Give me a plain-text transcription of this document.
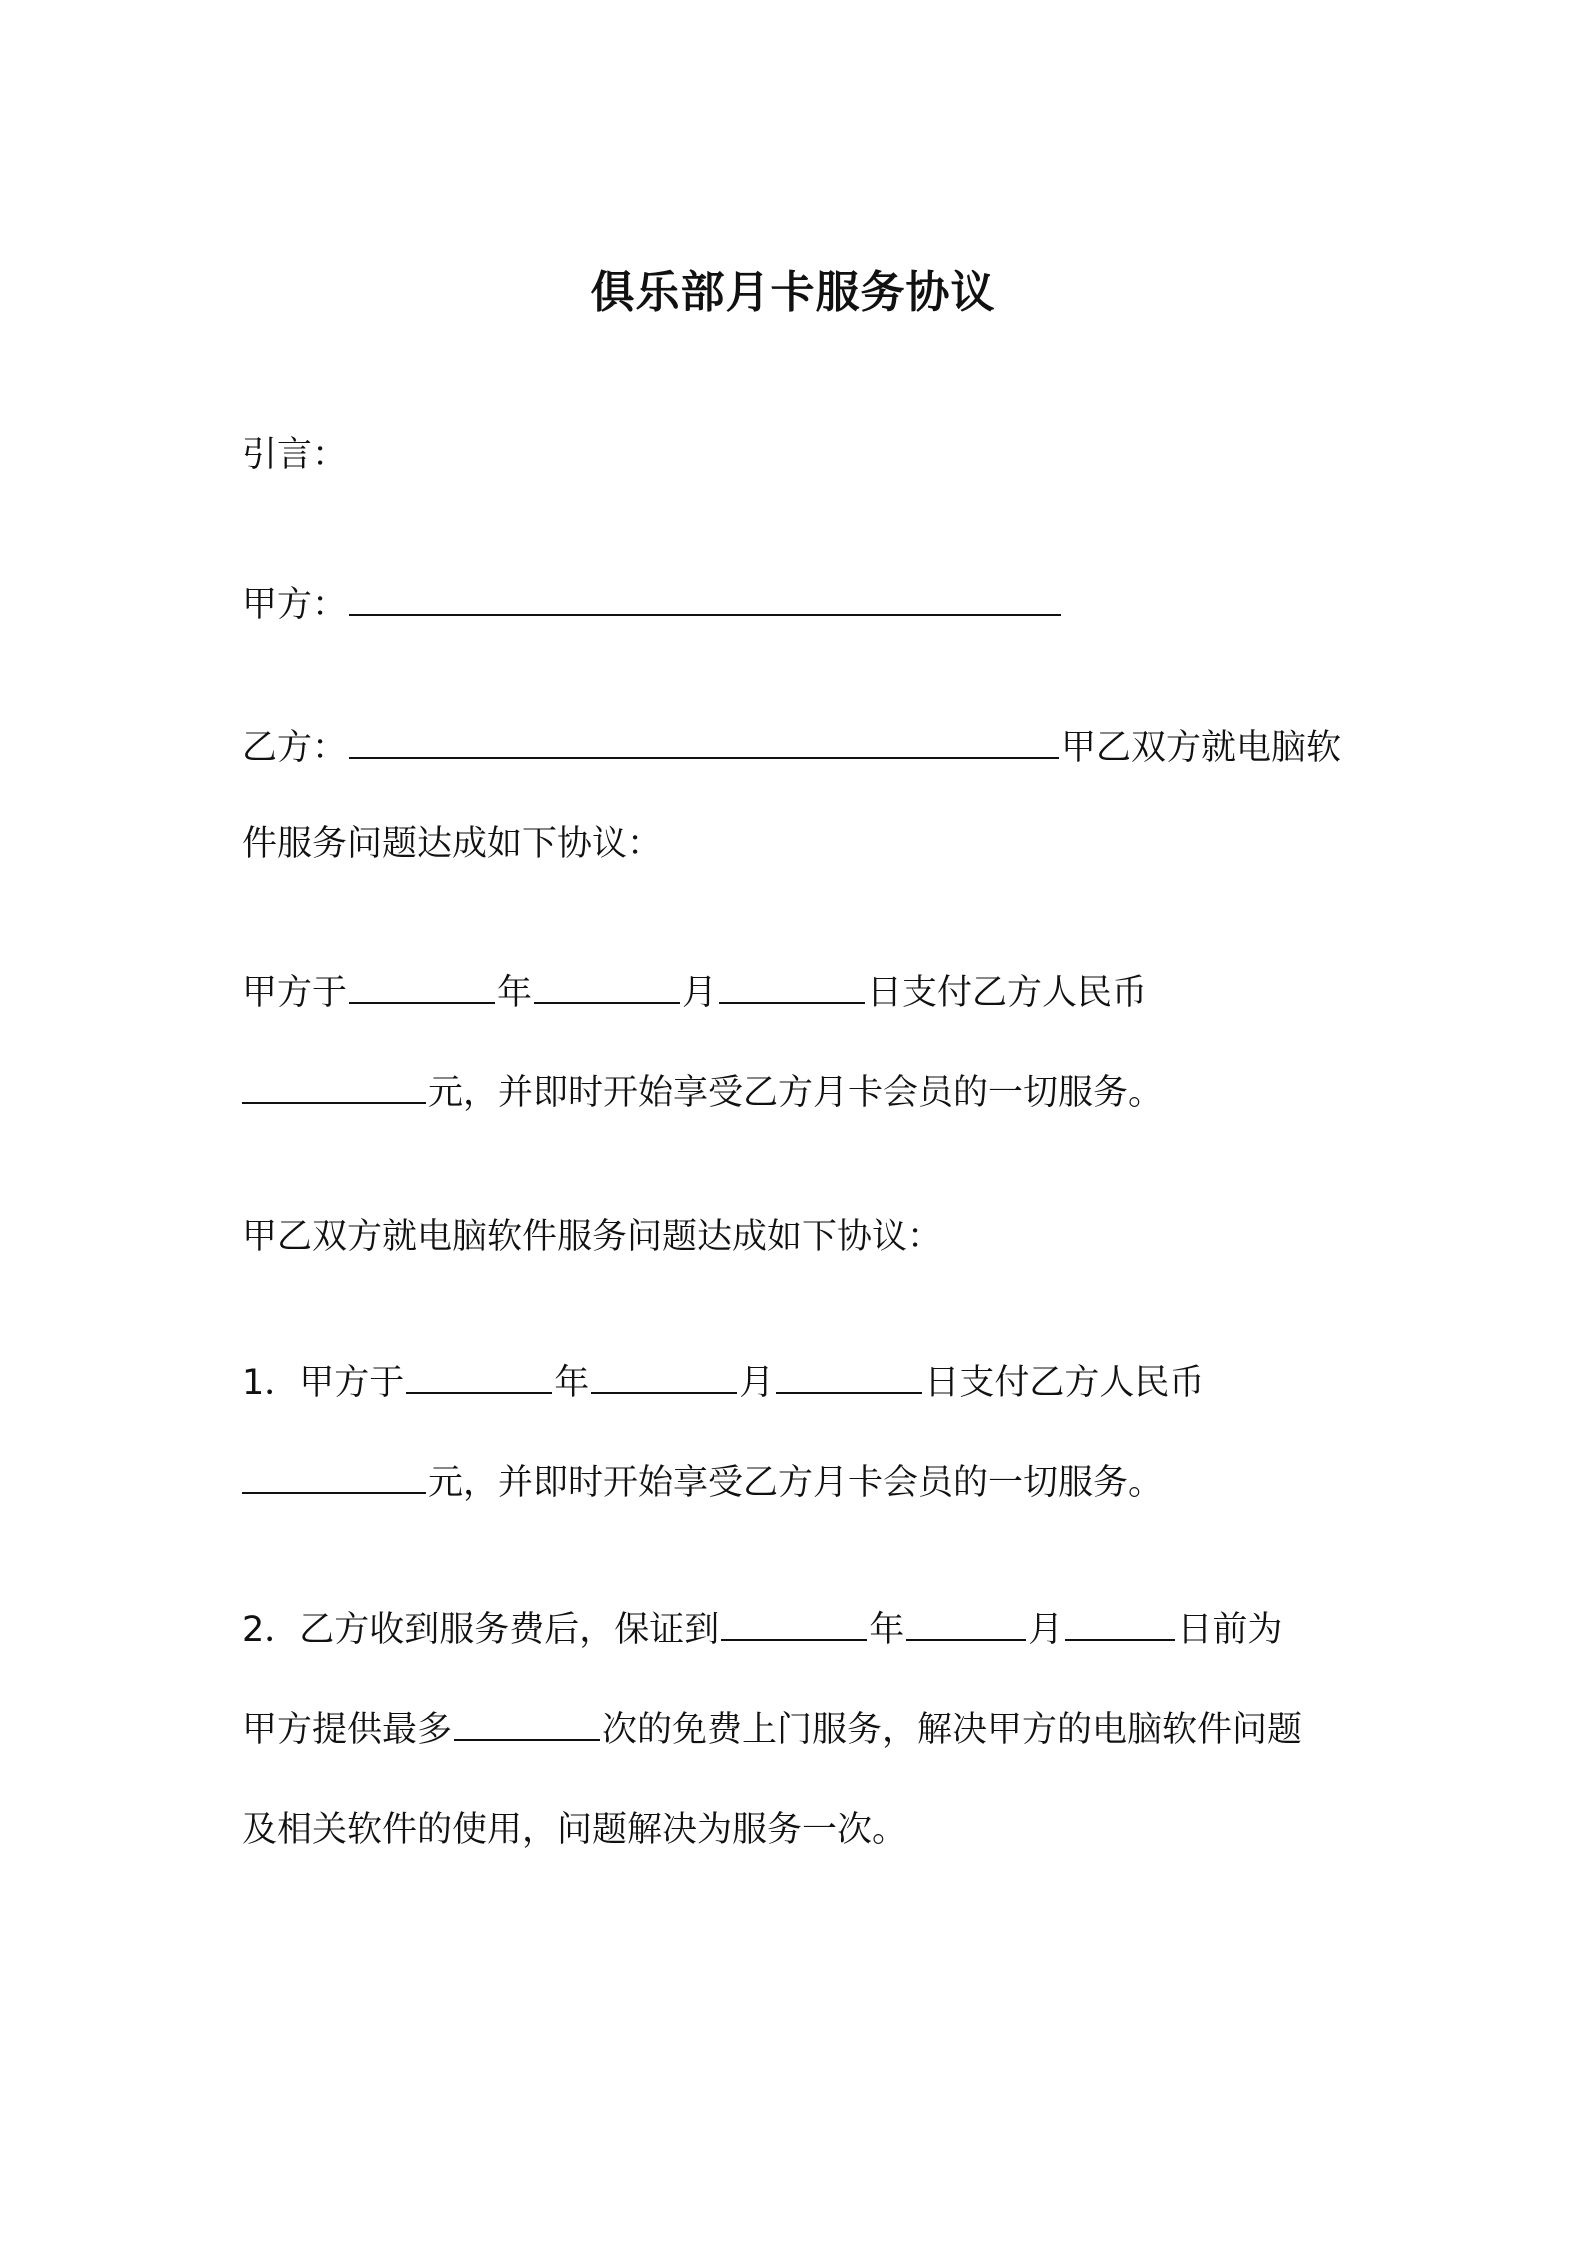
俱乐部月卡服务协议
引言：
甲方：
乙方：	甲乙双方就电脑软
件服务问题达成如下协议：
甲方于	年	月	日支付乙方人民币
元，并即时开始享受乙方月卡会员的一切服务。
甲乙双方就电脑软件服务问题达成如下协议：
1．甲方于	年	月	日支付乙方人民币
元，并即时开始享受乙方月卡会员的一切服务。
2．乙方收到服务费后，保证到	年	月	日前为
甲方提供最多	次的免费上门服务，解决甲方的电脑软件问题
及相关软件的使用，问题解决为服务一次。
